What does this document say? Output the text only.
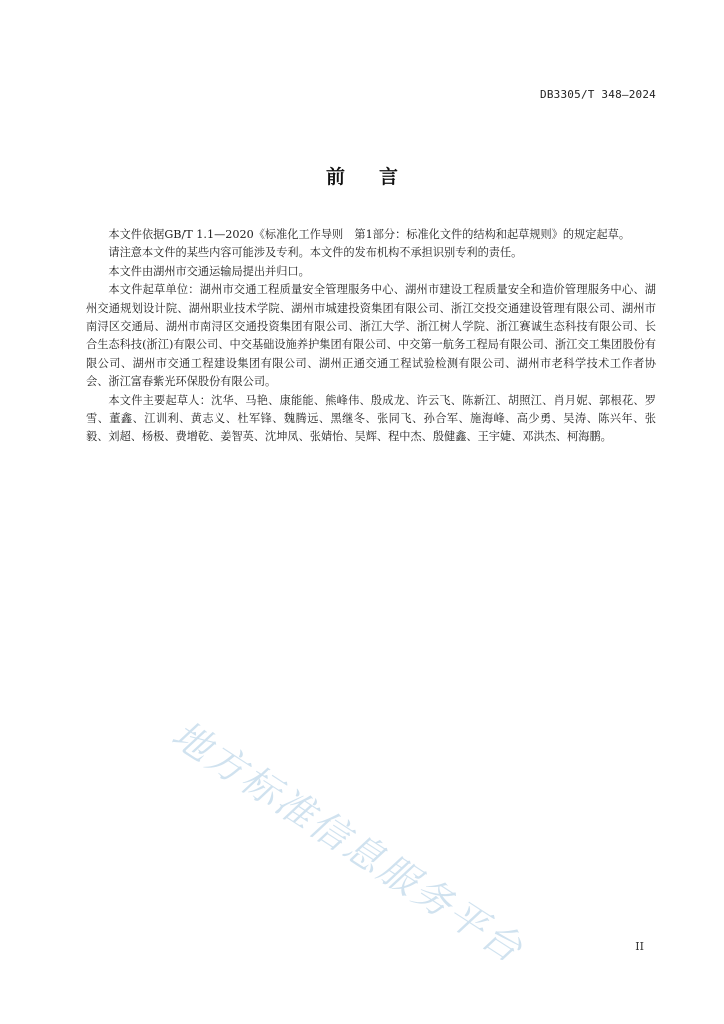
DB3305/T 348—2024
前言

本文件依据GB/T 1.1—2020《标准化工作导则　第1部分：标准化文件的结构和起草规则》的规定起草。

请注意本文件的某些内容可能涉及专利。本文件的发布机构不承担识别专利的责任。

本文件由湖州市交通运输局提出并归口。

本文件起草单位：湖州市交通工程质量安全管理服务中心、湖州市建设工程质量安全和造价管理服务中心、湖州交通规划设计院、湖州职业技术学院、湖州市城建投资集团有限公司、浙江交投交通建设管理有限公司、湖州市南浔区交通局、湖州市南浔区交通投资集团有限公司、浙江大学、浙江树人学院、浙江赛诚生态科技有限公司、长合生态科技(浙江)有限公司、中交基础设施养护集团有限公司、中交第一航务工程局有限公司、浙江交工集团股份有限公司、湖州市交通工程建设集团有限公司、湖州正通交通工程试验检测有限公司、湖州市老科学技术工作者协会、浙江富春紫光环保股份有限公司。

本文件主要起草人：沈华、马艳、康能能、熊峰伟、殷成龙、许云飞、陈新江、胡照江、肖月妮、郭根花、罗雪、董鑫、江训利、黄志义、杜军锋、魏腾远、黑继冬、张同飞、孙合军、施海峰、高少勇、吴涛、陈兴年、张毅、刘超、杨极、费增乾、姜智英、沈坤凤、张婧怡、吴辉、程中杰、殷健鑫、王宇婕、邓洪杰、柯海鹏。

地方标准信息服务平台	II
